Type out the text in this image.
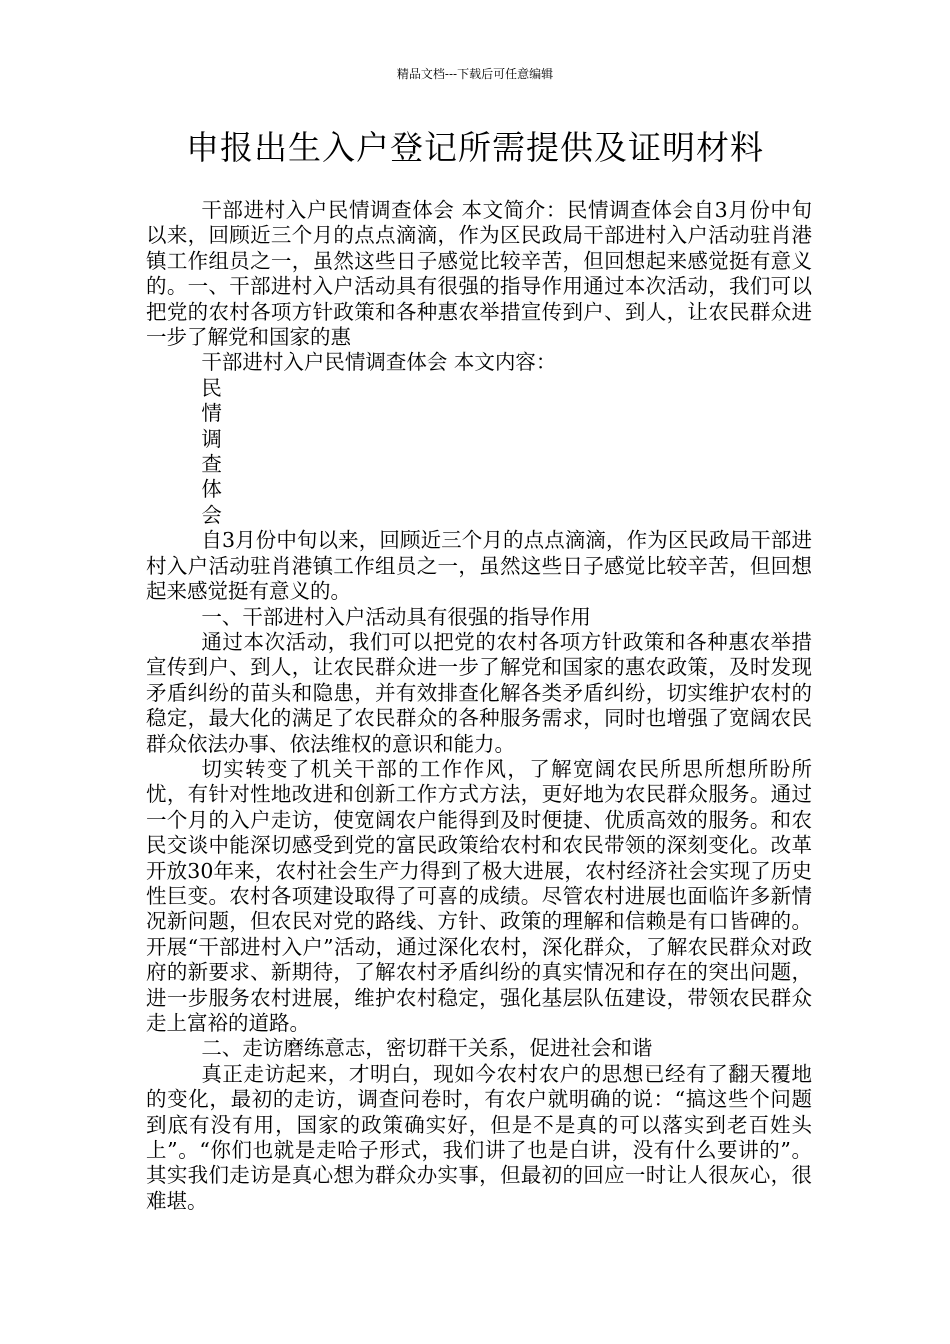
精品文档---下载后可任意编辑
申报出生入户登记所需提供及证明材料

干部进村入户民情调查体会 本文简介：民情调查体会自3月份中旬以来，回顾近三个月的点点滴滴，作为区民政局干部进村入户活动驻肖港镇工作组员之一，虽然这些日子感觉比较辛苦，但回想起来感觉挺有意义的。一、干部进村入户活动具有很强的指导作用通过本次活动，我们可以把党的农村各项方针政策和各种惠农举措宣传到户、到人，让农民群众进一步了解党和国家的惠

干部进村入户民情调查体会 本文内容：

民情调查体会

自3月份中旬以来，回顾近三个月的点点滴滴，作为区民政局干部进村入户活动驻肖港镇工作组员之一，虽然这些日子感觉比较辛苦，但回想起来感觉挺有意义的。

一、干部进村入户活动具有很强的指导作用

通过本次活动，我们可以把党的农村各项方针政策和各种惠农举措宣传到户、到人，让农民群众进一步了解党和国家的惠农政策，及时发现矛盾纠纷的苗头和隐患，并有效排查化解各类矛盾纠纷，切实维护农村的稳定，最大化的满足了农民群众的各种服务需求，同时也增强了宽阔农民群众依法办事、依法维权的意识和能力。

切实转变了机关干部的工作作风，了解宽阔农民所思所想所盼所忧，有针对性地改进和创新工作方式方法，更好地为农民群众服务。通过一个月的入户走访，使宽阔农户能得到及时便捷、优质高效的服务。和农民交谈中能深切感受到党的富民政策给农村和农民带领的深刻变化。改革开放30年来，农村社会生产力得到了极大进展，农村经济社会实现了历史性巨变。农村各项建设取得了可喜的成绩。尽管农村进展也面临许多新情况新问题，但农民对党的路线、方针、政策的理解和信赖是有口皆碑的。开展“干部进村入户”活动，通过深化农村，深化群众，了解农民群众对政府的新要求、新期待，了解农村矛盾纠纷的真实情况和存在的突出问题，进一步服务农村进展，维护农村稳定，强化基层队伍建设，带领农民群众走上富裕的道路。

二、走访磨练意志，密切群干关系，促进社会和谐

真正走访起来，才明白，现如今农村农户的思想已经有了翻天覆地的变化，最初的走访，调查问卷时，有农户就明确的说：“搞这些个问题到底有没有用，国家的政策确实好，但是不是真的可以落实到老百姓头上”。“你们也就是走哈子形式，我们讲了也是白讲，没有什么要讲的”。其实我们走访是真心想为群众办实事，但最初的回应一时让人很灰心，很难堪。
